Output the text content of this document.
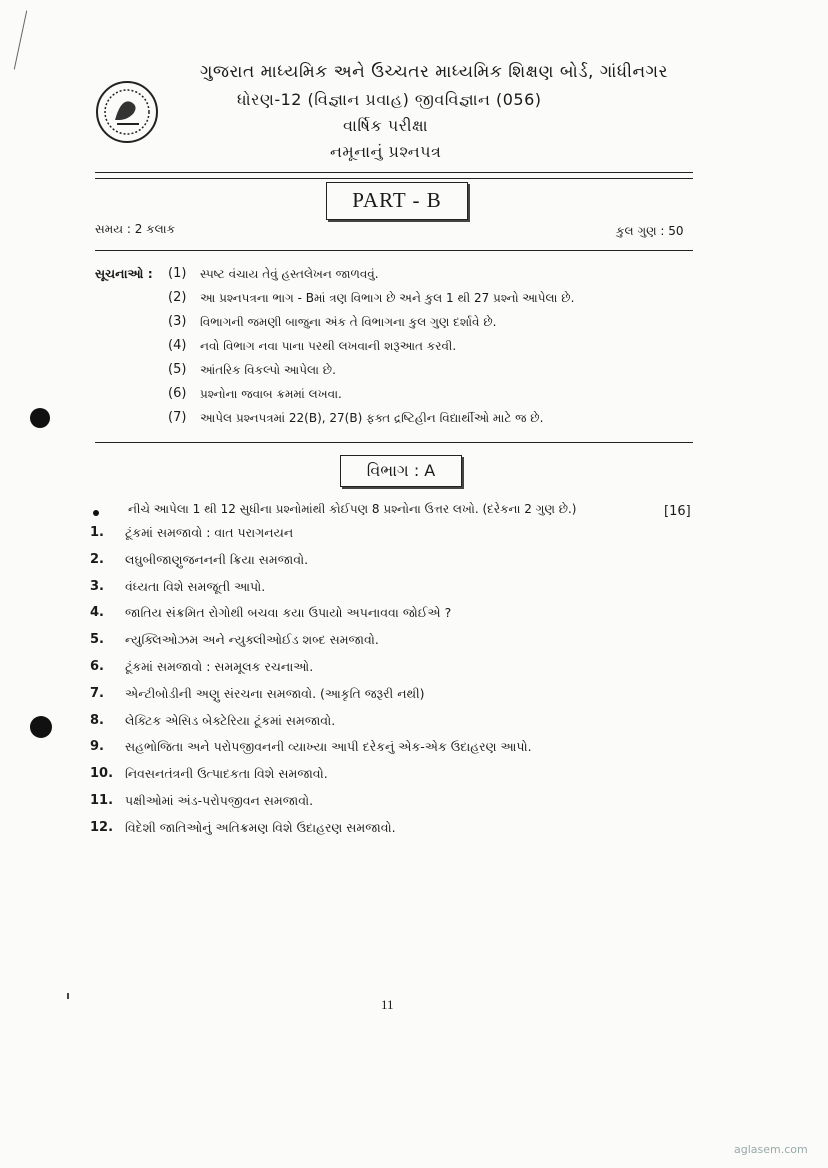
ગુજરાત માધ્યમિક અને ઉચ્ચતર માધ્યમિક શિક્ષણ બોર્ડ, ગાંધીનગર
ધોરણ-12 (વિજ્ઞાન પ્રવાહ) જીવવિજ્ઞાન (056)
વાર્ષિક પરીક્ષા
નમૂનાનું પ્રશ્નપત્ર
PART - B
સમય : 2 કલાક	કુલ ગુણ : 50
સૂચનાઓ : (1) સ્પષ્ટ વંચાય તેવું હસ્તલેખન જાળવવું.
(2) આ પ્રશ્નપત્રના ભાગ - Bમાં ત્રણ વિભાગ છે અને કુલ 1 થી 27 પ્રશ્નો આપેલા છે.
(3) વિભાગની જમણી બાજુના અંક તે વિભાગના કુલ ગુણ દર્શાવે છે.
(4) નવો વિભાગ નવા પાના પરથી લખવાની શરૂઆત કરવી.
(5) આંતરિક વિકલ્પો આપેલા છે.
(6) પ્રશ્નોના જવાબ ક્રમમાં લખવા.
(7) આપેલ પ્રશ્નપત્રમાં 22(B), 27(B) ફક્ત દ્રષ્ટિહીન વિદ્યાર્થીઓ માટે જ છે.
વિભાગ : A
નીચે આપેલા 1 થી 12 સુધીના પ્રશ્નોમાંથી કોઈપણ 8 પ્રશ્નોના ઉત્તર લખો. (દરેકના 2 ગુણ છે.)	[16]
1. ટૂંકમાં સમજાવો : વાત પરાગનયન
2. લઘુબીજાણુજનનની ક્રિયા સમજાવો.
3. વંધ્યતા વિશે સમજૂતી આપો.
4. જાતિય સંક્રમિત રોગોથી બચવા કયા ઉપાયો અપનાવવા જોઈએ ?
5. ન્યુક્લિઓઝમ અને ન્યુક્લીઓઈડ શબ્દ સમજાવો.
6. ટૂંકમાં સમજાવો : સમમૂલક રચનાઓ.
7. એન્ટીબોડીની અણુ સંરચના સમજાવો. (આકૃતિ જરૂરી નથી)
8. લેક્ટિક એસિડ બેક્ટેરિયા ટૂંકમાં સમજાવો.
9. સહભોજિતા અને પરોપજીવનની વ્યાખ્યા આપી દરેકનું એક-એક ઉદાહરણ આપો.
10. નિવસનતંત્રની ઉત્પાદકતા વિશે સમજાવો.
11. પક્ષીઓમાં અંડ-પરોપજીવન સમજાવો.
12. વિદેશી જાતિઓનું અતિક્રમણ વિશે ઉદાહરણ સમજાવો.
11
aglasem.com
